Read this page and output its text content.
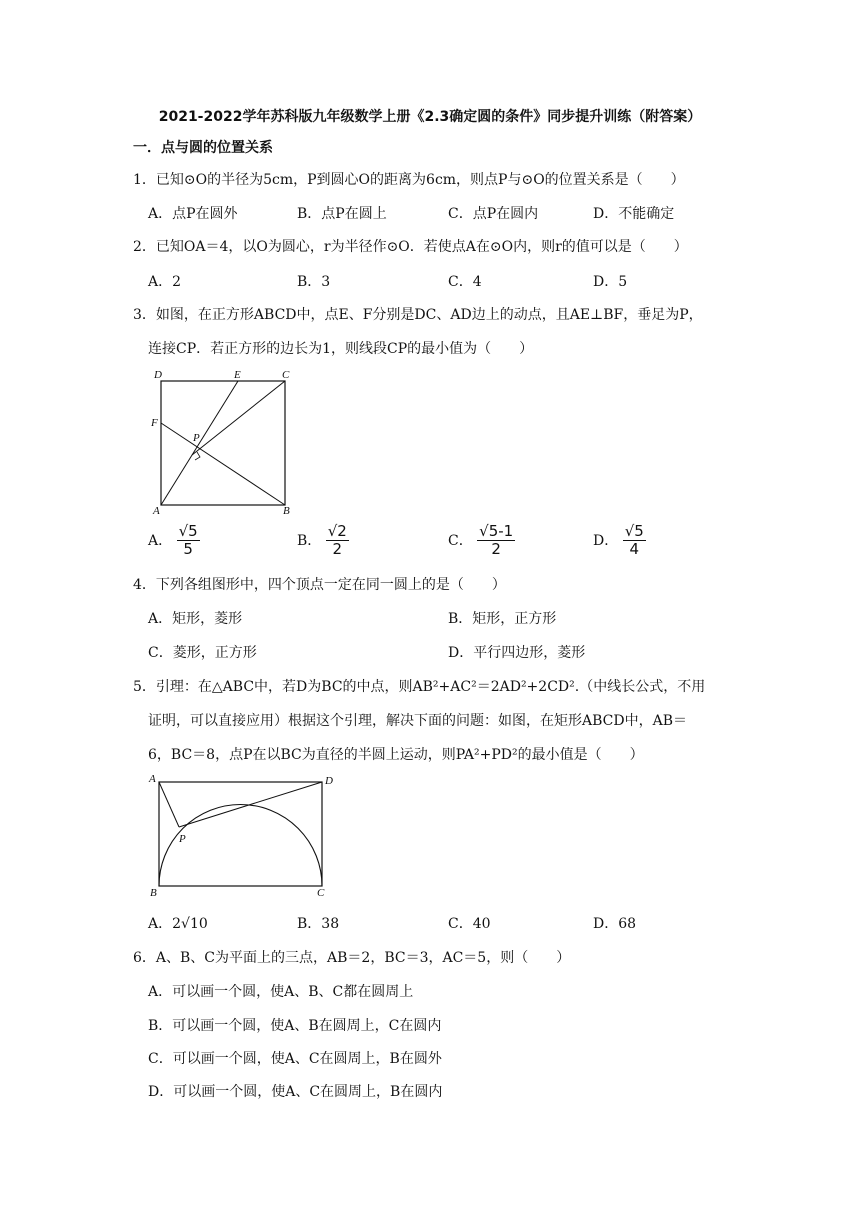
2021-2022学年苏科版九年级数学上册《2.3确定圆的条件》同步提升训练（附答案）
一．点与圆的位置关系
1．已知⊙O的半径为5cm，P到圆心O的距离为6cm，则点P与⊙O的位置关系是（　　）
A．点P在圆外	B．点P在圆上	C．点P在圆内	D．不能确定
2．已知OA＝4，以O为圆心，r为半径作⊙O．若使点A在⊙O内，则r的值可以是（　　）
A．2	B．3	C．4	D．5
3．如图，在正方形ABCD中，点E、F分别是DC、AD边上的动点，且AE⊥BF，垂足为P，
连接CP．若正方形的边长为1，则线段CP的最小值为（　　）
D	E	C
F
P
A	B
A． $\frac{√5}{5}$	B． $\frac{√2}{2}$	C． $\frac{√5-1}{2}$	D． $\frac{√5}{4}$
4．下列各组图形中，四个顶点一定在同一圆上的是（　　）
A．矩形，菱形	B．矩形，正方形
C．菱形，正方形	D．平行四边形，菱形
5．引理：在△ABC中，若D为BC的中点，则AB²+AC²＝2AD²+2CD².（中线长公式，不用
证明，可以直接应用）根据这个引理，解决下面的问题：如图，在矩形ABCD中，AB＝
6，BC＝8，点P在以BC为直径的半圆上运动，则PA²+PD²的最小值是（　　）
A	D
P
B	C
A．2√10	B．38	C．40	D．68
6．A、B、C为平面上的三点，AB＝2，BC＝3，AC＝5，则（　　）
A．可以画一个圆，使A、B、C都在圆周上
B．可以画一个圆，使A、B在圆周上，C在圆内
C．可以画一个圆，使A、C在圆周上，B在圆外
D．可以画一个圆，使A、C在圆周上，B在圆内
